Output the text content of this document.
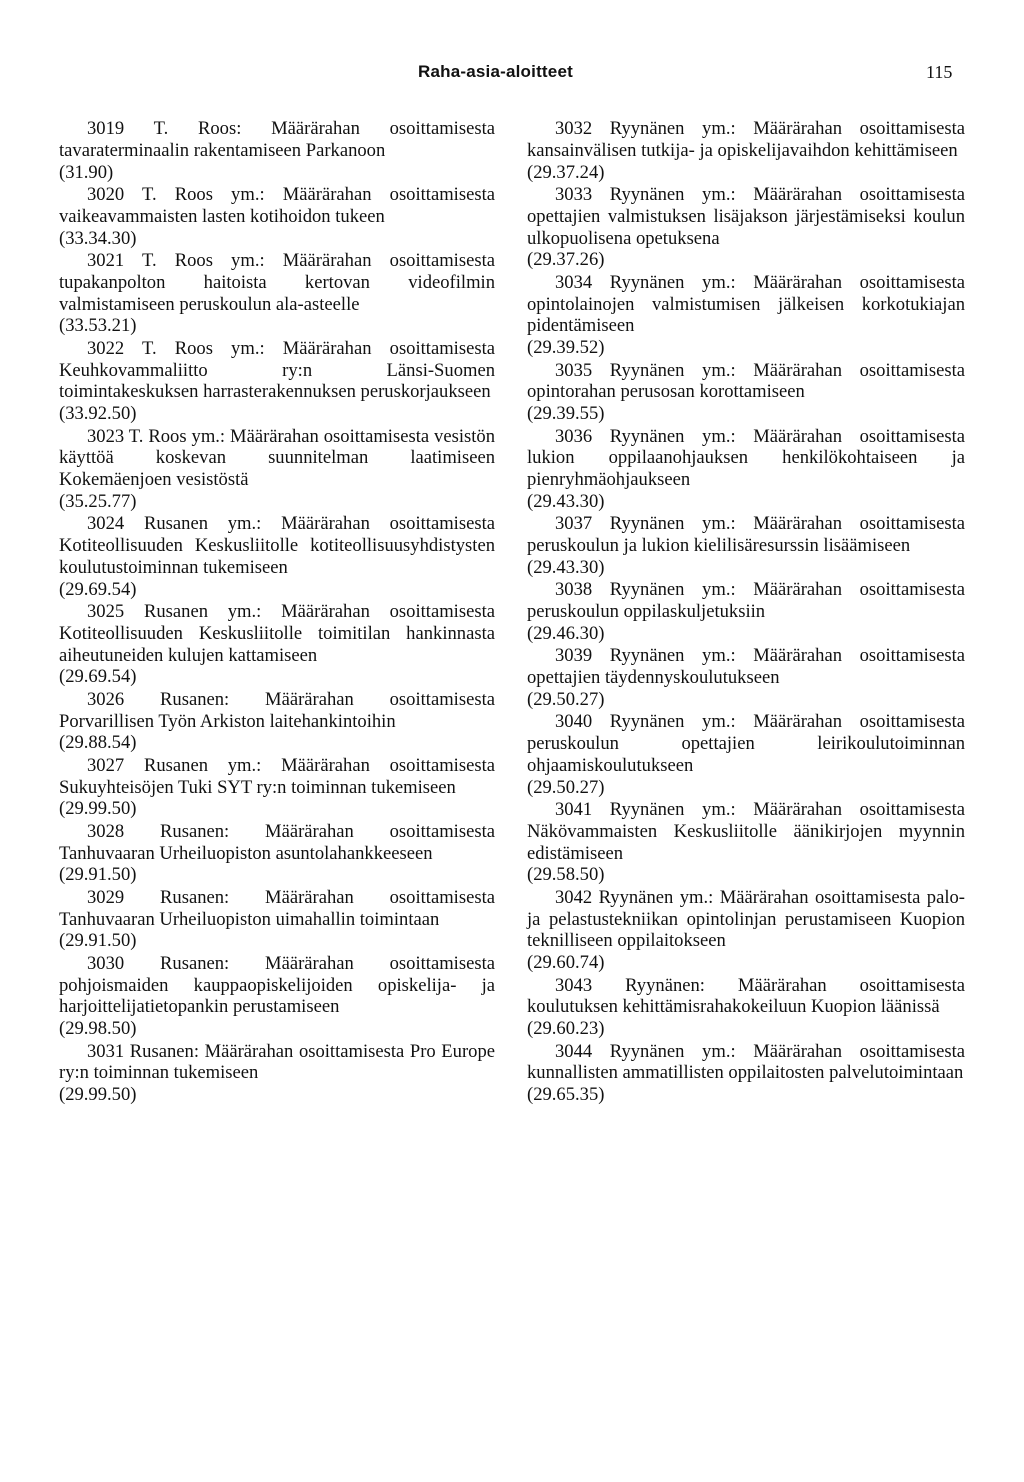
Raha-asia-aloitteet	115
3019 T. Roos: Määrärahan osoittamisesta tavaraterminaalin rakentamiseen Parkanoon
(31.90)
3020 T. Roos ym.: Määrärahan osoittamisesta vaikeavammaisten lasten kotihoidon tukeen
(33.34.30)
3021 T. Roos ym.: Määrärahan osoittamisesta tupakanpolton haitoista kertovan videofilmin valmistamiseen peruskoulun ala-asteelle
(33.53.21)
3022 T. Roos ym.: Määrärahan osoittamisesta Keuhkovammaliitto ry:n Länsi-Suomen toimintakeskuksen harrasterakennuksen peruskorjaukseen
(33.92.50)
3023 T. Roos ym.: Määrärahan osoittamisesta vesistön käyttöä koskevan suunnitelman laatimiseen Kokemäenjoen vesistöstä
(35.25.77)
3024 Rusanen ym.: Määrärahan osoittamisesta Kotiteollisuuden Keskusliitolle kotiteollisuusyhdistysten koulutustoiminnan tukemiseen
(29.69.54)
3025 Rusanen ym.: Määrärahan osoittamisesta Kotiteollisuuden Keskusliitolle toimitilan hankinnasta aiheutuneiden kulujen kattamiseen
(29.69.54)
3026 Rusanen: Määrärahan osoittamisesta Porvarillisen Työn Arkiston laitehankintoihin
(29.88.54)
3027 Rusanen ym.: Määrärahan osoittamisesta Sukuyhteisöjen Tuki SYT ry:n toiminnan tukemiseen
(29.99.50)
3028 Rusanen: Määrärahan osoittamisesta Tanhuvaaran Urheiluopiston asuntolahankkeeseen
(29.91.50)
3029 Rusanen: Määrärahan osoittamisesta Tanhuvaaran Urheiluopiston uimahallin toimintaan
(29.91.50)
3030 Rusanen: Määrärahan osoittamisesta pohjoismaiden kauppaopiskelijoiden opiskelija- ja harjoittelijatietopankin perustamiseen
(29.98.50)
3031 Rusanen: Määrärahan osoittamisesta Pro Europe ry:n toiminnan tukemiseen
(29.99.50)
3032 Ryynänen ym.: Määrärahan osoittamisesta kansainvälisen tutkija- ja opiskelijavaihdon kehittämiseen
(29.37.24)
3033 Ryynänen ym.: Määrärahan osoittamisesta opettajien valmistuksen lisäjakson järjestämiseksi koulun ulkopuolisena opetuksena
(29.37.26)
3034 Ryynänen ym.: Määrärahan osoittamisesta opintolainojen valmistumisen jälkeisen korkotukiajan pidentämiseen
(29.39.52)
3035 Ryynänen ym.: Määrärahan osoittamisesta opintorahan perusosan korottamiseen
(29.39.55)
3036 Ryynänen ym.: Määrärahan osoittamisesta lukion oppilaanohjauksen henkilökohtaiseen ja pienryhmäohjaukseen
(29.43.30)
3037 Ryynänen ym.: Määrärahan osoittamisesta peruskoulun ja lukion kielilisäresurssin lisäämiseen
(29.43.30)
3038 Ryynänen ym.: Määrärahan osoittamisesta peruskoulun oppilaskuljetuksiin
(29.46.30)
3039 Ryynänen ym.: Määrärahan osoittamisesta opettajien täydennyskoulutukseen
(29.50.27)
3040 Ryynänen ym.: Määrärahan osoittamisesta peruskoulun opettajien leirikoulutoiminnan ohjaamiskoulutukseen
(29.50.27)
3041 Ryynänen ym.: Määrärahan osoittamisesta Näkövammaisten Keskusliitolle äänikirjojen myynnin edistämiseen
(29.58.50)
3042 Ryynänen ym.: Määrärahan osoittamisesta palo- ja pelastustekniikan opintolinjan perustamiseen Kuopion teknilliseen oppilaitokseen
(29.60.74)
3043 Ryynänen: Määrärahan osoittamisesta koulutuksen kehittämisrahakokeiluun Kuopion läänissä
(29.60.23)
3044 Ryynänen ym.: Määrärahan osoittamisesta kunnallisten ammatillisten oppilaitosten palvelutoimintaan
(29.65.35)
